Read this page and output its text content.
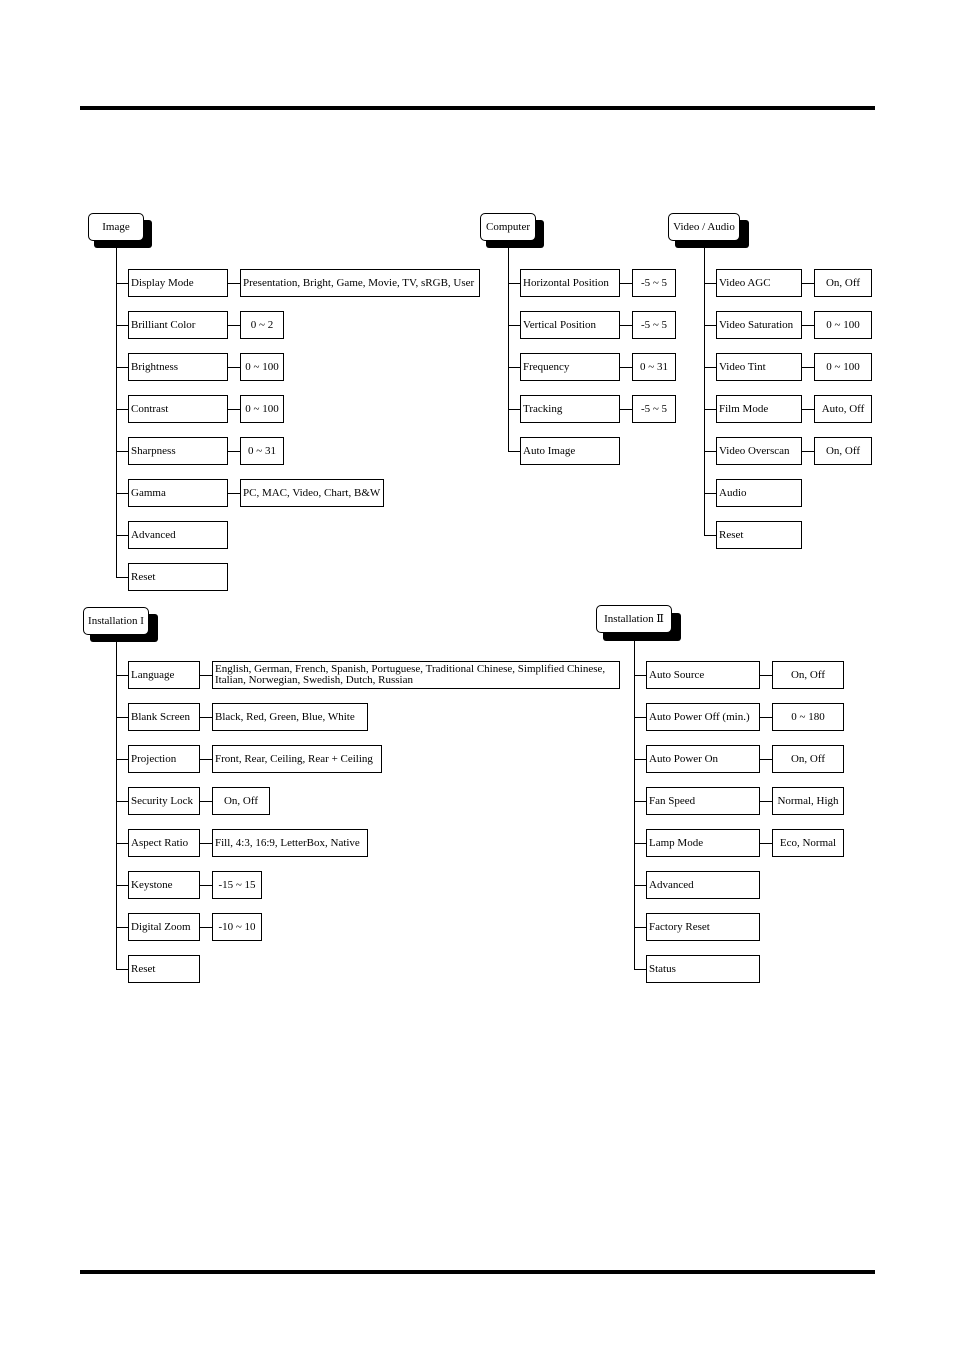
Image
Display Mode	Presentation, Bright, Game, Movie, TV, sRGB, User
Brilliant Color	0 ~ 2
Brightness	0 ~ 100
Contrast	0 ~ 100
Sharpness	0 ~ 31
Gamma	PC, MAC, Video, Chart, B&W
Advanced
Reset
Computer
Horizontal Position	-5 ~ 5
Vertical Position	-5 ~ 5
Frequency	0 ~ 31
Tracking	-5 ~ 5
Auto Image
Video / Audio
Video AGC	On, Off
Video Saturation	0 ~ 100
Video Tint	0 ~ 100
Film Mode	Auto, Off
Video Overscan	On, Off
Audio
Reset
Installation I
Language	English, German, French, Spanish, Portuguese, Traditional Chinese, Simplified Chinese,
Italian, Norwegian, Swedish, Dutch, Russian
Blank Screen	Black, Red, Green, Blue, White
Projection	Front, Rear, Ceiling, Rear + Ceiling
Security Lock	On, Off
Aspect Ratio	Fill, 4:3, 16:9, LetterBox, Native
Keystone	-15 ~ 15
Digital Zoom	-10 ~ 10
Reset
Installation Ⅱ
Auto Source	On, Off
Auto Power Off (min.)	0 ~ 180
Auto Power On	On, Off
Fan Speed	Normal, High
Lamp Mode	Eco, Normal
Advanced
Factory Reset
Status
